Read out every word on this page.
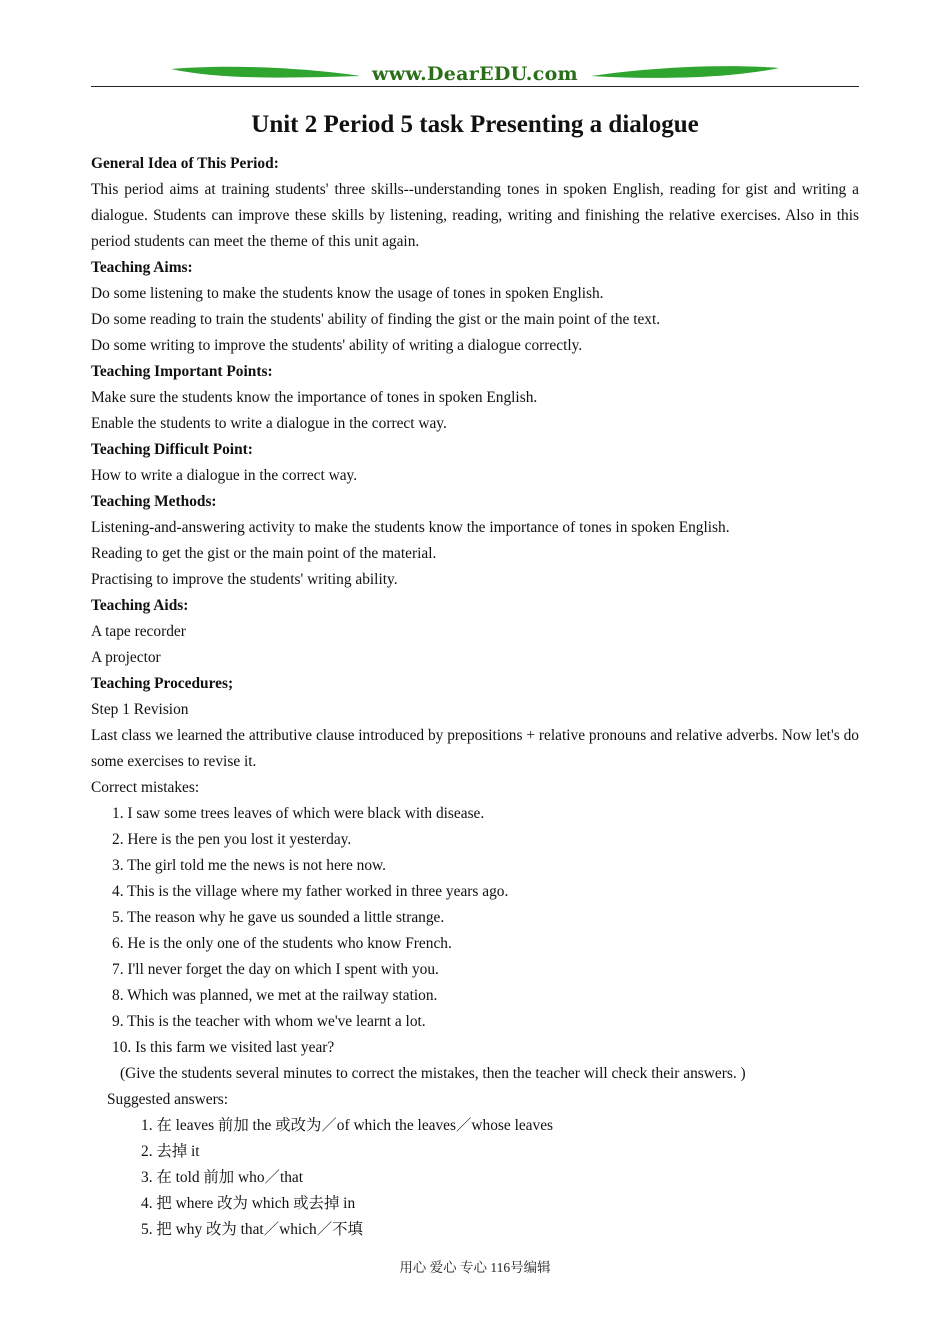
www.DearEDU.com
Unit 2 Period 5 task Presenting a dialogue

General Idea of This Period:

This period aims at training students' three skills--understanding tones in spoken English, reading for gist and writing a dialogue. Students can improve these skills by listening, reading, writing and finishing the relative exercises. Also in this period students can meet the theme of this unit again.

Teaching Aims:

Do some listening to make the students know the usage of tones in spoken English.

Do some reading to train the students' ability of finding the gist or the main point of the text.

Do some writing to improve the students' ability of writing a dialogue correctly.

Teaching Important Points:

Make sure the students know the importance of tones in spoken English.

Enable the students to write a dialogue in the correct way.

Teaching Difficult Point:

How to write a dialogue in the correct way.

Teaching Methods:

Listening-and-answering activity to make the students know the importance of tones in spoken English.

Reading to get the gist or the main point of the material.

Practising to improve the students' writing ability.

Teaching Aids:

A tape recorder

A projector

Teaching Procedures;

Step 1 Revision

Last class we learned the attributive clause introduced by prepositions + relative pronouns and relative adverbs. Now let's do some exercises to revise it.

Correct mistakes:

1. I saw some trees leaves of which were black with disease.
2. Here is the pen you lost it yesterday.
3. The girl told me the news is not here now.
4. This is the village where my father worked in three years ago.
5. The reason why he gave us sounded a little strange.
6. He is the only one of the students who know French.
7. I'll never forget the day on which I spent with you.
8. Which was planned, we met at the railway station.
9. This is the teacher with whom we've learnt a lot.
10. Is this farm we visited last year?

(Give the students several minutes to correct the mistakes, then the teacher will check their answers. )

Suggested answers:

1. 在 leaves 前加 the 或改为／of which the leaves／whose leaves
2. 去掉 it
3. 在 told 前加 who／that
4. 把 where 改为 which 或去掉 in
5. 把 why 改为 that／which／不填
用心 爱心 专心 116号编辑
